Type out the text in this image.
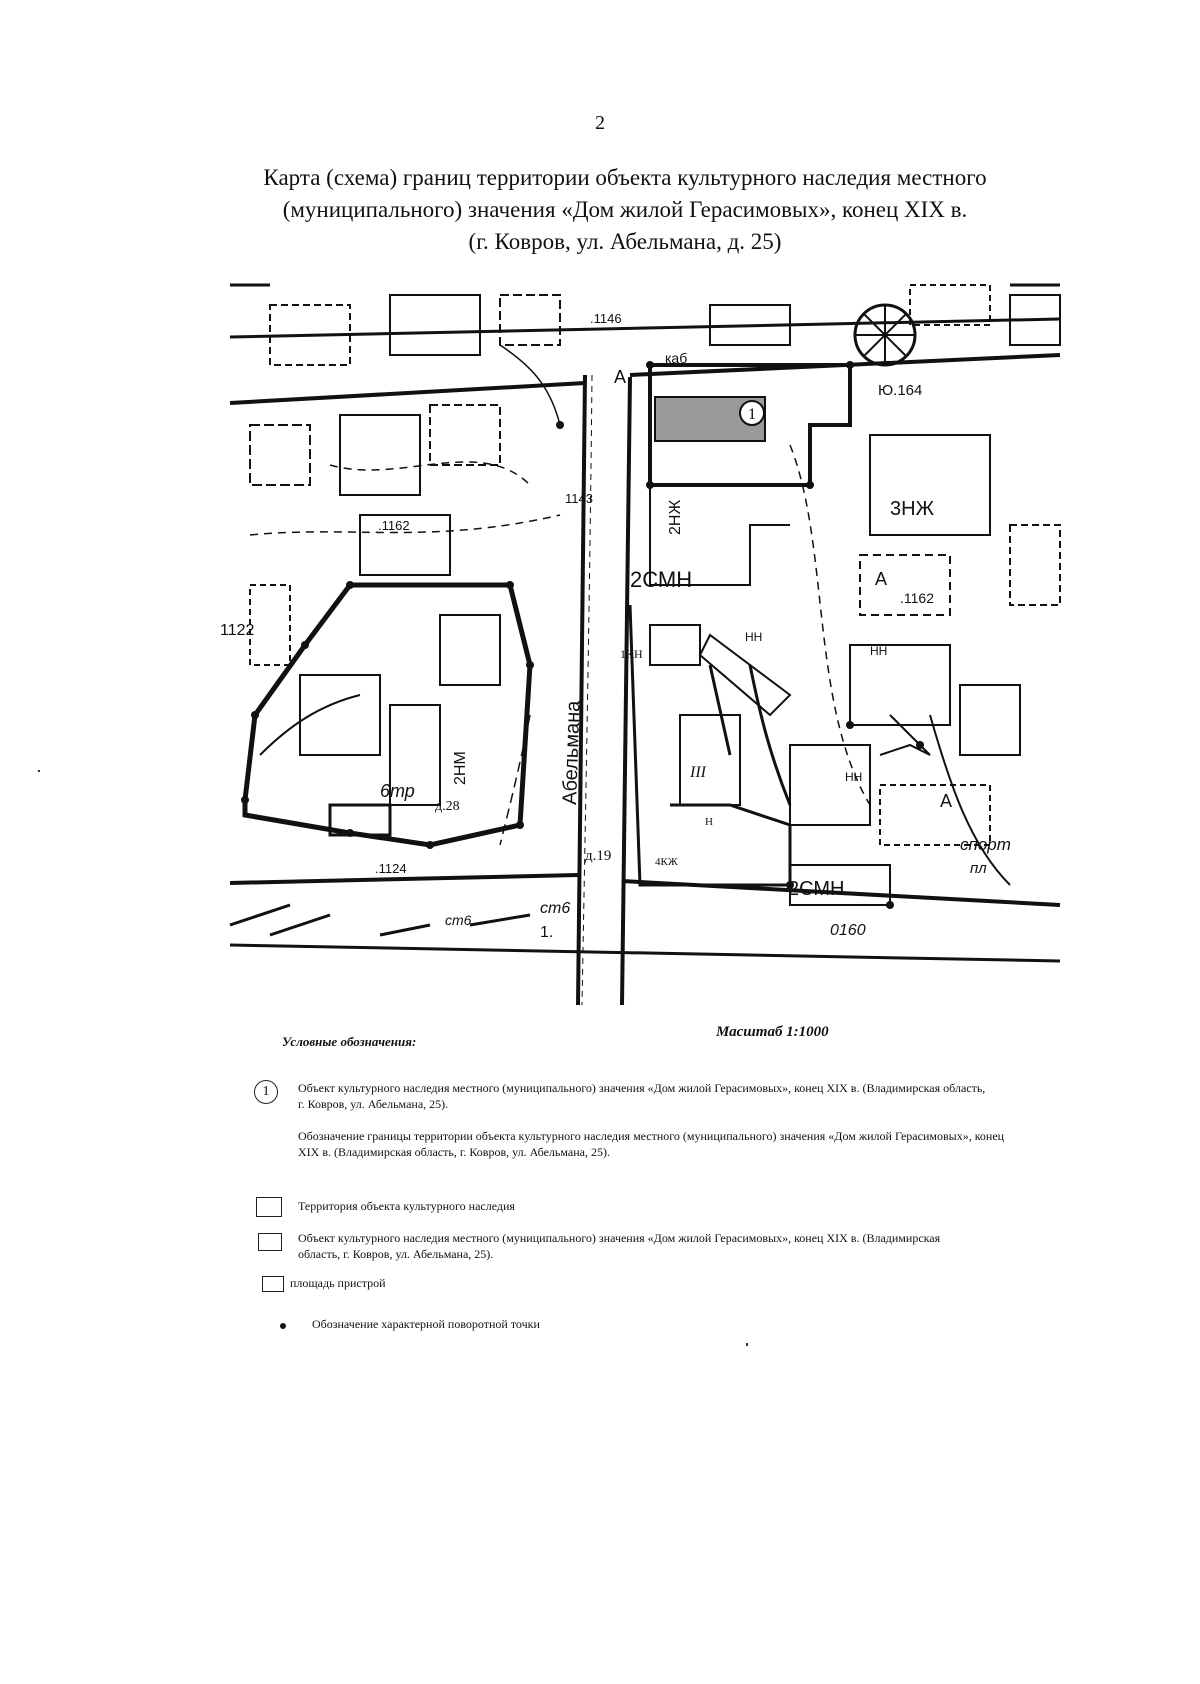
2
Карта (схема) границ территории объекта культурного наследия местного
(муниципального) значения «Дом жилой Герасимовых», конец XIX в.
(г. Ковров, ул. Абельмана, д. 25)
1
Абельмана
д.19
д.28
каб
1КН
4КЖ
2СМН
2СМН
3НЖ
2НЖ
2НМ
6тр
спорт
пл
А
А
А
НН
НН
НН
.1162
.1162
1122
.1124
.1146
1143
Ю.164
0160
ст6
ст6
1.
III
Н
Масштаб 1:1000
Условные обозначения:
1	Объект культурного наследия местного (муниципального) значения «Дом жилой Герасимовых», конец XIX в. (Владимирская область, г. Ковров, ул. Абельмана, 25).
Обозначение границы территории объекта культурного наследия местного (муниципального) значения «Дом жилой Герасимовых», конец XIX в. (Владимирская область, г. Ковров, ул. Абельмана, 25).
Территория объекта культурного наследия
Объект культурного наследия местного (муниципального) значения «Дом жилой Герасимовых», конец XIX в. (Владимирская область, г. Ковров, ул. Абельмана, 25).
площадь пристрой
Обозначение характерной поворотной точки
